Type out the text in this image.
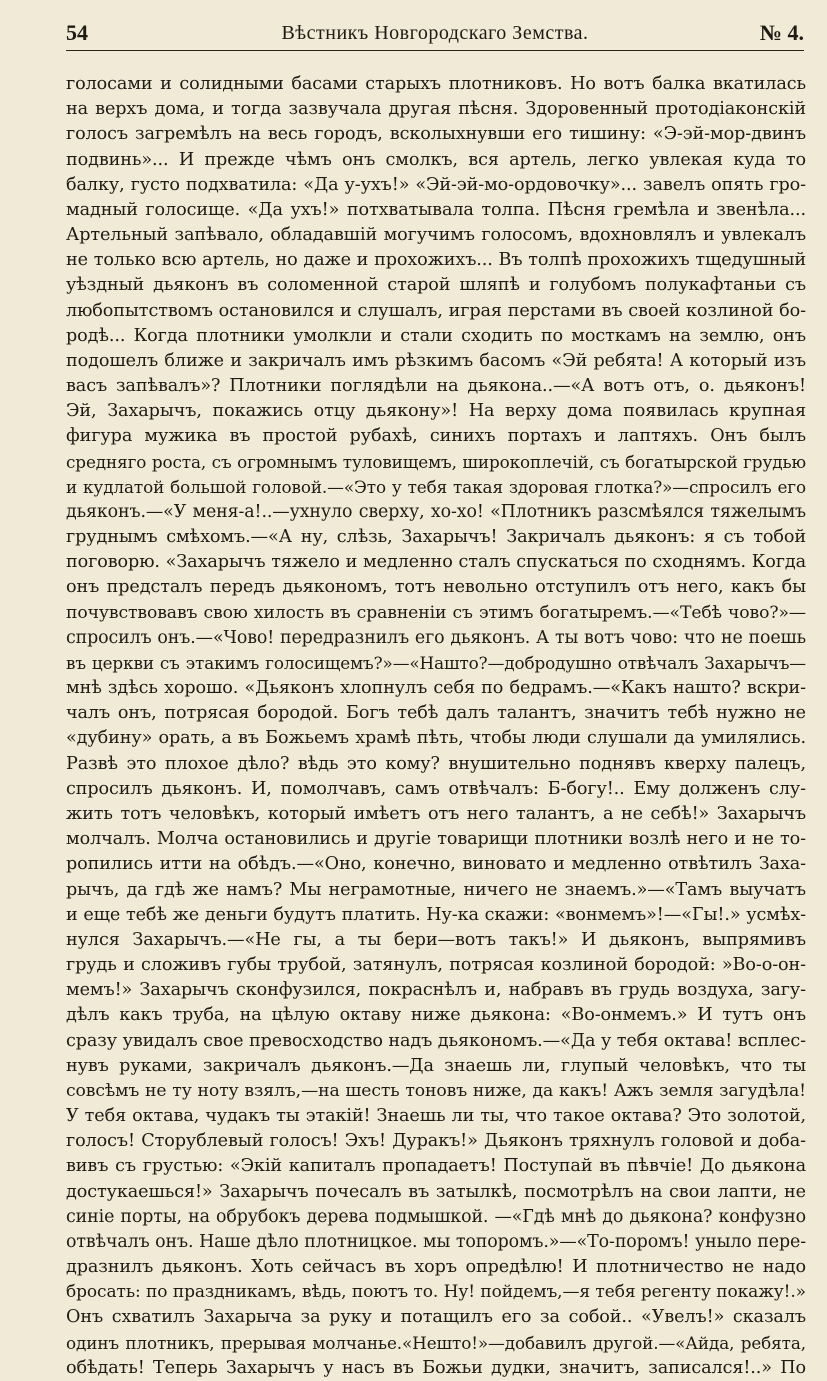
54	Вѣстникъ Новгородскаго Земства.	№ 4.
голосами и солидными басами старыхъ плотниковъ. Но вотъ балка вкатилась
на верхъ дома, и тогда зазвучала другая пѣсня. Здоровенный протодіаконскій
голосъ загремѣлъ на весь городъ, всколыхнувши его тишину: «Э-эй-мор-двинъ
подвинь»... И прежде чѣмъ онъ смолкъ, вся артель, легко увлекая куда то
балку, густо подхватила: «Да у-ухъ!» «Эй-эй-мо-ордовочку»... завелъ опять гро-
мадный голосище. «Да ухъ!» потхватывала толпа. Пѣсня гремѣла и звенѣла...
Артельный запѣвало, обладавшій могучимъ голосомъ, вдохновлялъ и увлекалъ
не только всю артель, но даже и прохожихъ... Въ толпѣ прохожихъ тщедушный
уѣздный дьяконъ въ соломенной старой шляпѣ и голубомъ полукафтаньи съ
любопытствомъ остановился и слушалъ, играя перстами въ своей козлиной бо-
родѣ... Когда плотники умолкли и стали сходить по мосткамъ на землю, онъ
подошелъ ближе и закричалъ имъ рѣзкимъ басомъ «Эй ребята! А который изъ
васъ запѣвалъ»? Плотники поглядѣли на дьякона..—«А вотъ отъ, о. дьяконъ!
Эй, Захарычъ, покажись отцу дьякону»! На верху дома появилась крупная
фигура мужика въ простой рубахѣ, синихъ портахъ и лаптяхъ. Онъ былъ
средняго роста, съ огромнымъ туловищемъ, широкоплечій, съ богатырской грудью
и кудлатой большой головой.—«Это у тебя такая здоровая глотка?»—спросилъ его
дьяконъ.—«У меня-а!..—ухнуло сверху, хо-хо! «Плотникъ разсмѣялся тяжелымъ
груднымъ смѣхомъ.—«А ну, слѣзь, Захарычъ! Закричалъ дьяконъ: я съ тобой
поговорю. «Захарычъ тяжело и медленно сталъ спускаться по сходнямъ. Когда
онъ предсталъ передъ дьякономъ, тотъ невольно отступилъ отъ него, какъ бы
почувствовавъ свою хилость въ сравненіи съ этимъ богатыремъ.—«Тебѣ чово?»—
спросилъ онъ.—«Чово! передразнилъ его дьяконъ. А ты вотъ чово: что не поешь
въ церкви съ этакимъ голосищемъ?»—«Нашто?—добродушно отвѣчалъ Захарычъ—
мнѣ здѣсь хорошо. «Дьяконъ хлопнулъ себя по бедрамъ.—«Какъ нашто? вскри-
чалъ онъ, потрясая бородой. Богъ тебѣ далъ талантъ, значитъ тебѣ нужно не
«дубину» орать, а въ Божьемъ храмѣ пѣть, чтобы люди слушали да умилялись.
Развѣ это плохое дѣло? вѣдь это кому? внушительно поднявъ кверху палецъ,
спросилъ дьяконъ. И, помолчавъ, самъ отвѣчалъ: Б-богу!.. Ему долженъ слу-
жить тотъ человѣкъ, который имѣетъ отъ него талантъ, а не себѣ!» Захарычъ
молчалъ. Молча остановились и другіе товарищи плотники возлѣ него и не то-
ропились итти на обѣдъ.—«Оно, конечно, виновато и медленно отвѣтилъ Заха-
рычъ, да гдѣ же намъ? Мы неграмотные, ничего не знаемъ.»—«Тамъ выучатъ
и еще тебѣ же деньги будутъ платить. Ну-ка скажи: «вонмемъ»!—«Гы!.» усмѣх-
нулся Захарычъ.—«Не гы, а ты бери—вотъ такъ!» И дьяконъ, выпрямивъ
грудь и сложивъ губы трубой, затянулъ, потрясая козлиной бородой: »Во-о-он-
мемъ!» Захарычъ сконфузился, покраснѣлъ и, набравъ въ грудь воздуха, загу-
дѣлъ какъ труба, на цѣлую октаву ниже дьякона: «Во-онмемъ.» И тутъ онъ
сразу увидалъ свое превосходство надъ дьякономъ.—«Да у тебя октава! всплес-
нувъ руками, закричалъ дьяконъ.—Да знаешь ли, глупый человѣкъ, что ты
совсѣмъ не ту ноту взялъ,—на шесть тоновъ ниже, да какъ! Ажъ земля загудѣла!
У тебя октава, чудакъ ты этакій! Знаешь ли ты, что такое октава? Это золотой,
голосъ! Сторублевый голосъ! Эхъ! Дуракъ!» Дьяконъ тряхнулъ головой и доба-
вивъ съ грустью: «Экій капиталъ пропадаетъ! Поступай въ пѣвчіе! До дьякона
достукаешься!» Захарычъ почесалъ въ затылкѣ, посмотрѣлъ на свои лапти, не
синіе порты, на обрубокъ дерева подмышкой. —«Гдѣ мнѣ до дьякона? конфузно
отвѣчалъ онъ. Наше дѣло плотницкое. мы топоромъ.»—«То-поромъ! уныло пере-
дразнилъ дьяконъ. Хоть сейчасъ въ хоръ опредѣлю! И плотничество не надо
бросать: по праздникамъ, вѣдь, поютъ то. Ну! пойдемъ,—я тебя регенту покажу!.»
Онъ схватилъ Захарыча за руку и потащилъ его за собой.. «Увелъ!» сказалъ
одинъ плотникъ, прерывая молчанье.«Нешто!»—добавилъ другой.—«Айда, ребята,
обѣдать! Теперь Захарычъ у насъ въ Божьи дудки, значитъ, записался!..» По
